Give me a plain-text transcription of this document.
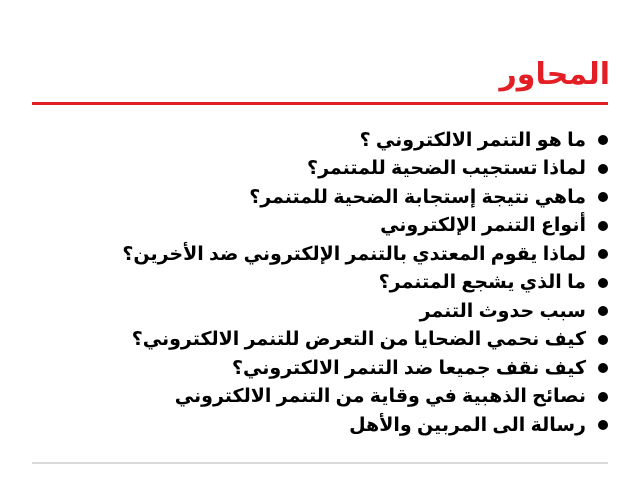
المحاور
ما هو التنمر الالكتروني ؟
لماذا تستجيب الضحية للمتنمر؟
ماهي نتيجة إستجابة الضحية للمتنمر؟
أنواع التنمر الإلكتروني
لماذا يقوم المعتدي بالتنمر الإلكتروني ضد الأخرين؟
ما الذي يشجع المتنمر؟
سبب حدوث التنمر
كيف نحمي الضحايا من التعرض للتنمر الالكتروني؟
كيف نقف جميعا ضد التنمر الالكتروني؟
نصائح الذهبية في وقاية من التنمر الالكتروني
رسالة الى المربين والأهل
